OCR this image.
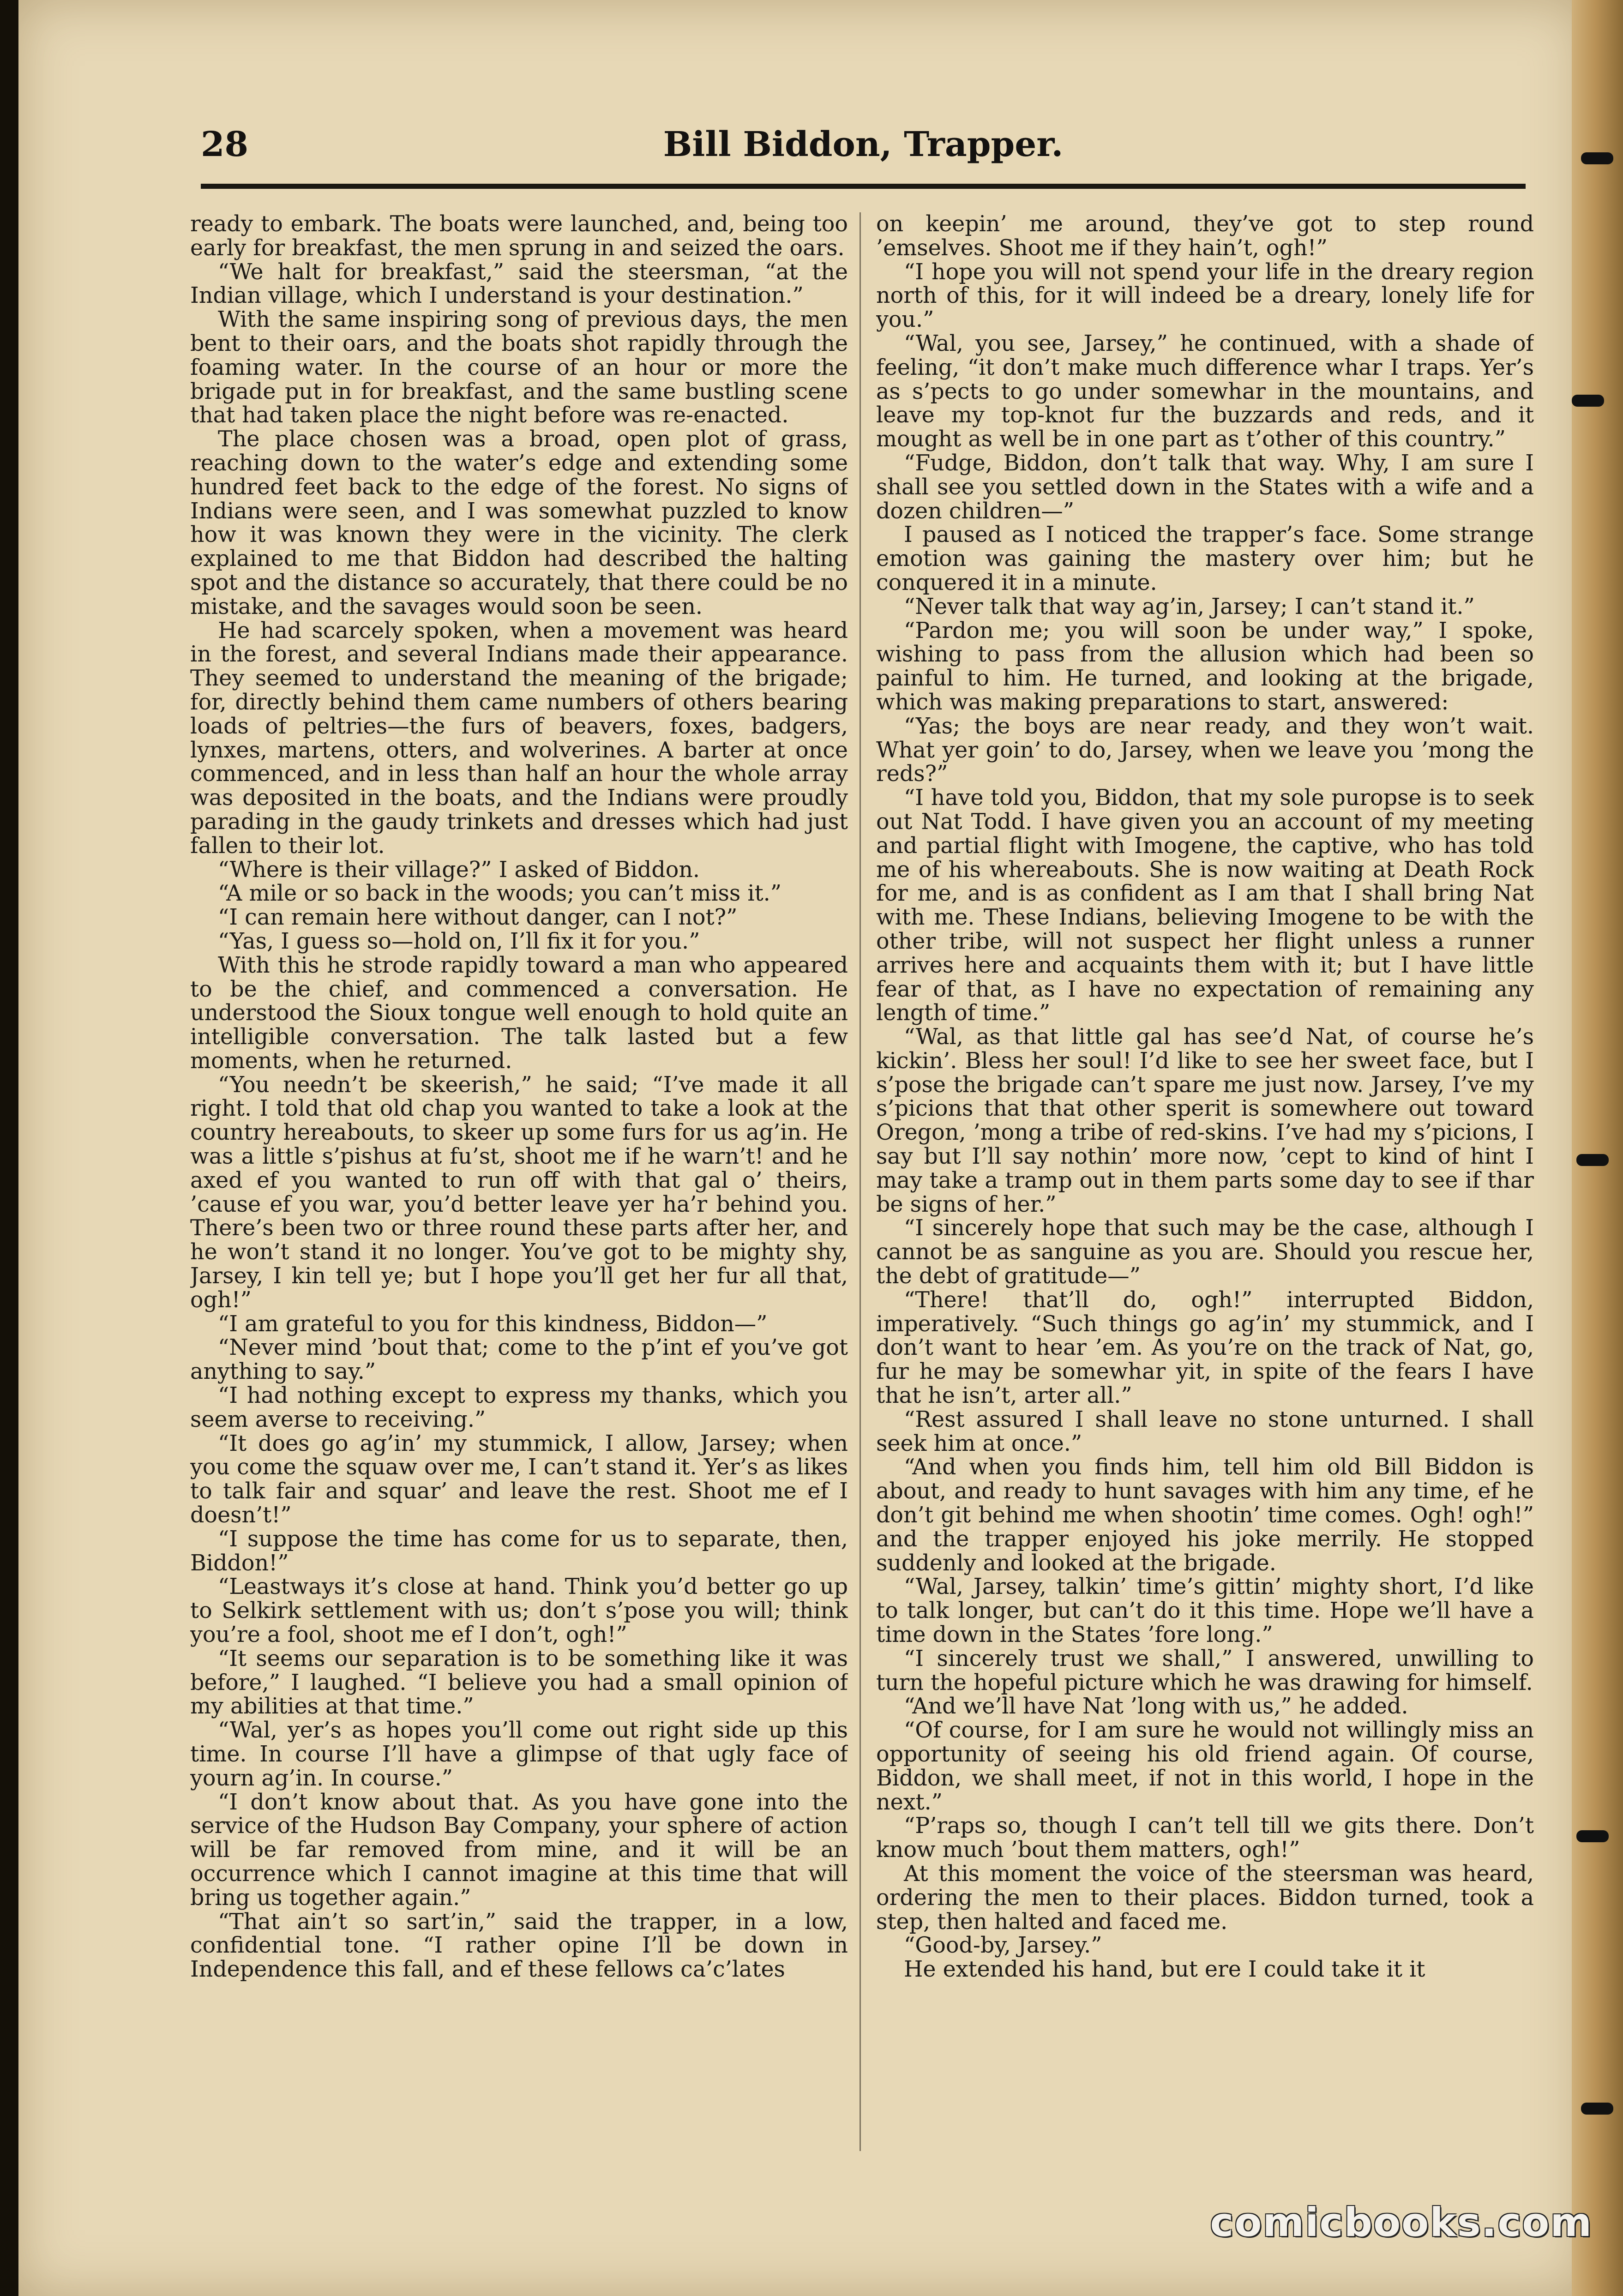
28	Bill Biddon, Trapper.

ready to embark. The boats were launched, and, being too early for breakfast, the men sprung in and seized the oars.

“We halt for breakfast,” said the steersman, “at the Indian village, which I understand is your destination.”

With the same inspiring song of previous days, the men bent to their oars, and the boats shot rapidly through the foaming water. In the course of an hour or more the brigade put in for breakfast, and the same bustling scene that had taken place the night before was re-enacted.

The place chosen was a broad, open plot of grass, reaching down to the water’s edge and extending some hundred feet back to the edge of the forest. No signs of Indians were seen, and I was somewhat puzzled to know how it was known they were in the vicinity. The clerk explained to me that Biddon had described the halting spot and the distance so accurately, that there could be no mistake, and the savages would soon be seen.

He had scarcely spoken, when a movement was heard in the forest, and several Indians made their appearance. They seemed to understand the meaning of the brigade; for, directly behind them came numbers of others bearing loads of peltries—the furs of beavers, foxes, badgers, lynxes, martens, otters, and wolverines. A barter at once commenced, and in less than half an hour the whole array was deposited in the boats, and the Indians were proudly parading in the gaudy trinkets and dresses which had just fallen to their lot.

“Where is their village?” I asked of Biddon.

“A mile or so back in the woods; you can’t miss it.”

“I can remain here without danger, can I not?”

“Yas, I guess so—hold on, I’ll fix it for you.”

With this he strode rapidly toward a man who appeared to be the chief, and commenced a conversation. He understood the Sioux tongue well enough to hold quite an intelligible conversation. The talk lasted but a few moments, when he returned.

“You needn’t be skeerish,” he said; “I’ve made it all right. I told that old chap you wanted to take a look at the country hereabouts, to skeer up some furs for us ag’in. He was a little s’pishus at fu’st, shoot me if he warn’t! and he axed ef you wanted to run off with that gal o’ theirs, ’cause ef you war, you’d better leave yer ha’r behind you. There’s been two or three round these parts after her, and he won’t stand it no longer. You’ve got to be mighty shy, Jarsey, I kin tell ye; but I hope you’ll get her fur all that, ogh!”

“I am grateful to you for this kindness, Biddon—”

“Never mind ’bout that; come to the p’int ef you’ve got anything to say.”

“I had nothing except to express my thanks, which you seem averse to receiving.”

“It does go ag’in’ my stummick, I allow, Jarsey; when you come the squaw over me, I can’t stand it. Yer’s as likes to talk fair and squar’ and leave the rest. Shoot me ef I doesn’t!”

“I suppose the time has come for us to separate, then, Biddon!”

“Leastways it’s close at hand. Think you’d better go up to Selkirk settlement with us; don’t s’pose you will; think you’re a fool, shoot me ef I don’t, ogh!”

“It seems our separation is to be something like it was before,” I laughed. “I believe you had a small opinion of my abilities at that time.”

“Wal, yer’s as hopes you’ll come out right side up this time. In course I’ll have a glimpse of that ugly face of yourn ag’in. In course.”

“I don’t know about that. As you have gone into the service of the Hudson Bay Company, your sphere of action will be far removed from mine, and it will be an occurrence which I cannot imagine at this time that will bring us together again.”

“That ain’t so sart’in,” said the trapper, in a low, confidential tone. “I rather opine I’ll be down in Independence this fall, and ef these fellows ca’c’lates

on keepin’ me around, they’ve got to step round ’emselves. Shoot me if they hain’t, ogh!”

“I hope you will not spend your life in the dreary region north of this, for it will indeed be a dreary, lonely life for you.”

“Wal, you see, Jarsey,” he continued, with a shade of feeling, “it don’t make much difference whar I traps. Yer’s as s’pects to go under somewhar in the mountains, and leave my top-knot fur the buzzards and reds, and it mought as well be in one part as t’other of this country.”

“Fudge, Biddon, don’t talk that way. Why, I am sure I shall see you settled down in the States with a wife and a dozen children—”

I paused as I noticed the trapper’s face. Some strange emotion was gaining the mastery over him; but he conquered it in a minute.

“Never talk that way ag’in, Jarsey; I can’t stand it.”

“Pardon me; you will soon be under way,” I spoke, wishing to pass from the allusion which had been so painful to him. He turned, and looking at the brigade, which was making preparations to start, answered:

“Yas; the boys are near ready, and they won’t wait. What yer goin’ to do, Jarsey, when we leave you ’mong the reds?”

“I have told you, Biddon, that my sole puropse is to seek out Nat Todd. I have given you an account of my meeting and partial flight with Imogene, the captive, who has told me of his whereabouts. She is now waiting at Death Rock for me, and is as confident as I am that I shall bring Nat with me. These Indians, believing Imogene to be with the other tribe, will not suspect her flight unless a runner arrives here and acquaints them with it; but I have little fear of that, as I have no expectation of remaining any length of time.”

“Wal, as that little gal has see’d Nat, of course he’s kickin’. Bless her soul! I’d like to see her sweet face, but I s’pose the brigade can’t spare me just now. Jarsey, I’ve my s’picions that that other sperit is somewhere out toward Oregon, ’mong a tribe of red-skins. I’ve had my s’picions, I say but I’ll say nothin’ more now, ’cept to kind of hint I may take a tramp out in them parts some day to see if thar be signs of her.”

“I sincerely hope that such may be the case, although I cannot be as sanguine as you are. Should you rescue her, the debt of gratitude—”

“There! that’ll do, ogh!” interrupted Biddon, imperatively. “Such things go ag’in’ my stummick, and I don’t want to hear ’em. As you’re on the track of Nat, go, fur he may be somewhar yit, in spite of the fears I have that he isn’t, arter all.”

“Rest assured I shall leave no stone unturned. I shall seek him at once.”

“And when you finds him, tell him old Bill Biddon is about, and ready to hunt savages with him any time, ef he don’t git behind me when shootin’ time comes. Ogh! ogh!” and the trapper enjoyed his joke merrily. He stopped suddenly and looked at the brigade.

“Wal, Jarsey, talkin’ time’s gittin’ mighty short, I’d like to talk longer, but can’t do it this time. Hope we’ll have a time down in the States ’fore long.”

“I sincerely trust we shall,” I answered, unwilling to turn the hopeful picture which he was drawing for himself.

“And we’ll have Nat ’long with us,” he added.

“Of course, for I am sure he would not willingly miss an opportunity of seeing his old friend again. Of course, Biddon, we shall meet, if not in this world, I hope in the next.”

“P’raps so, though I can’t tell till we gits there. Don’t know much ’bout them matters, ogh!”

At this moment the voice of the steersman was heard, ordering the men to their places. Biddon turned, took a step, then halted and faced me.

“Good-by, Jarsey.”

He extended his hand, but ere I could take it it

comicbooks.com
